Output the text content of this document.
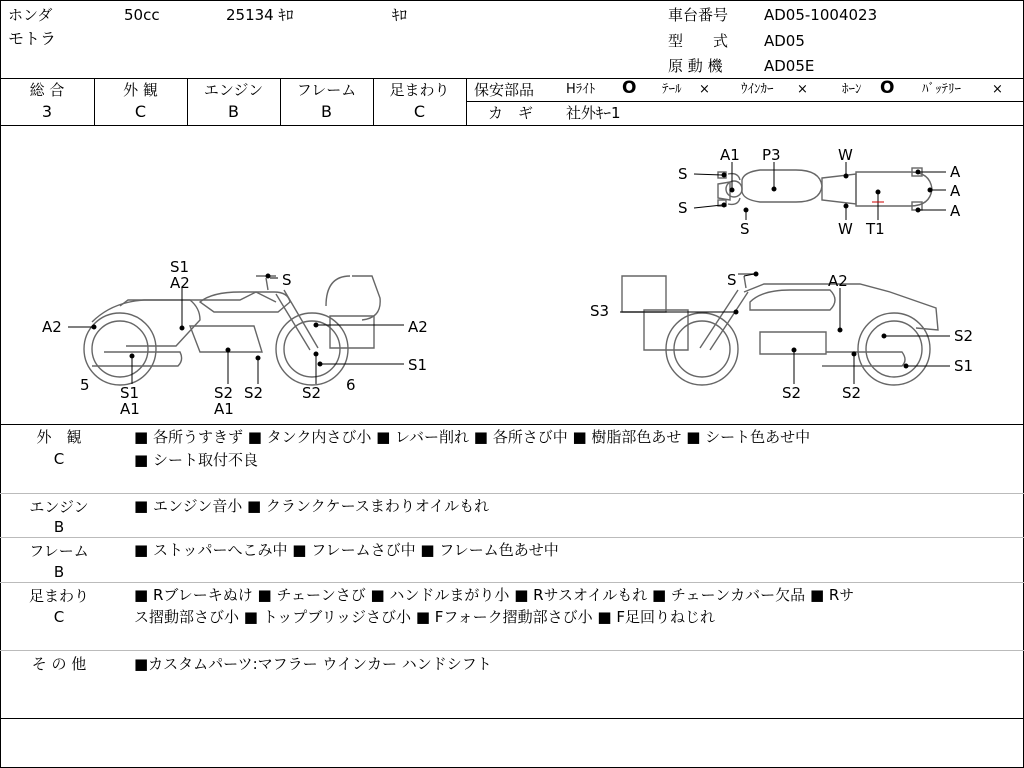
ホンダ	50cc	25134 ｷﾛ	ｷﾛ
モトラ
車台番号 AD05-1004023
型　　式 AD05
原 動 機	AD05E
総 合
3
外 観
C
エンジン
B
フレーム
B
足まわり
C
保安部品 Hﾗｲﾄ O ﾃｰﾙ × ｳｲﾝｶｰ ×	ﾎｰﾝ O ﾊﾞｯﾃﾘｰ ×
カ　ギ 社外ｷｰ1
A1 P3	W
S	A
A
S	A
S	W T1
S1
A2	S
A2	A2
S1
5 S1
A1
S2
A1
S2	S2 6
S	A2
S3
S2
S1
S2	S2
外　観
C
■ 各所うすきず ■ タンク内さび小 ■ レバー削れ ■ 各所さび中 ■ 樹脂部色あせ ■ シート色あせ中
■ シート取付不良
エンジン
B
■ エンジン音小 ■ クランクケースまわりオイルもれ
フレーム
B
■ ストッパーへこみ中 ■ フレームさび中 ■ フレーム色あせ中
足まわり
C
■ Rブレーキぬけ ■ チェーンさび ■ ハンドルまがり小 ■ Rサスオイルもれ ■ チェーンカバー欠品 ■ Rサ
ス摺動部さび小 ■ トップブリッジさび小 ■ Fフォーク摺動部さび小 ■ F足回りねじれ
そ の 他	■カスタムパーツ:マフラー ウインカー ハンドシフト
